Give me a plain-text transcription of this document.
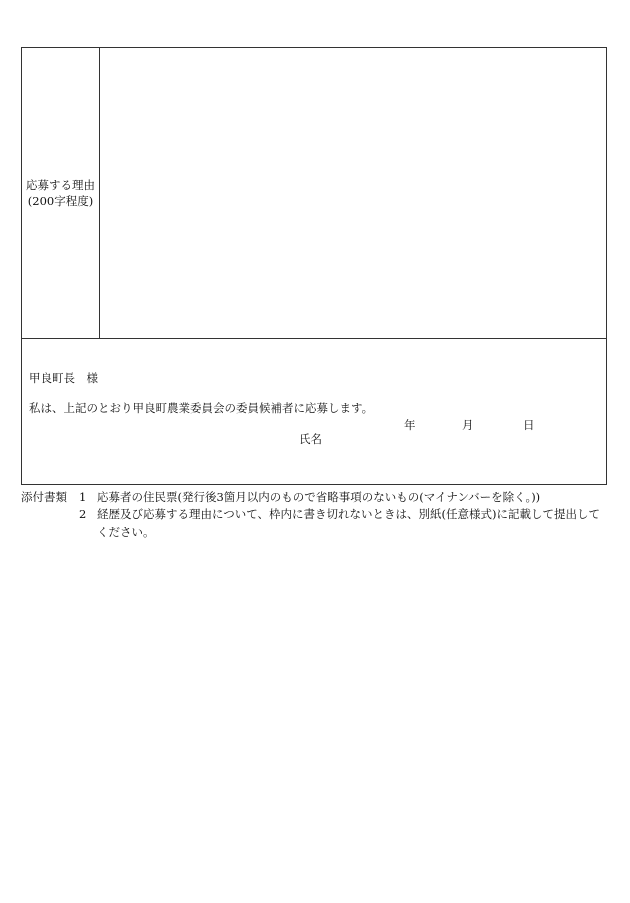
応募する理由
(200字程度)
甲良町長　様
私は、上記のとおり甲良町農業委員会の委員候補者に応募します。
年	月	日
氏名
添付書類 1 応募者の住民票(発行後3箇月以内のもので省略事項のないもの(マイナンバーを除く。))
2 経歴及び応募する理由について、枠内に書き切れないときは、別紙(任意様式)に記載して提出してください。
